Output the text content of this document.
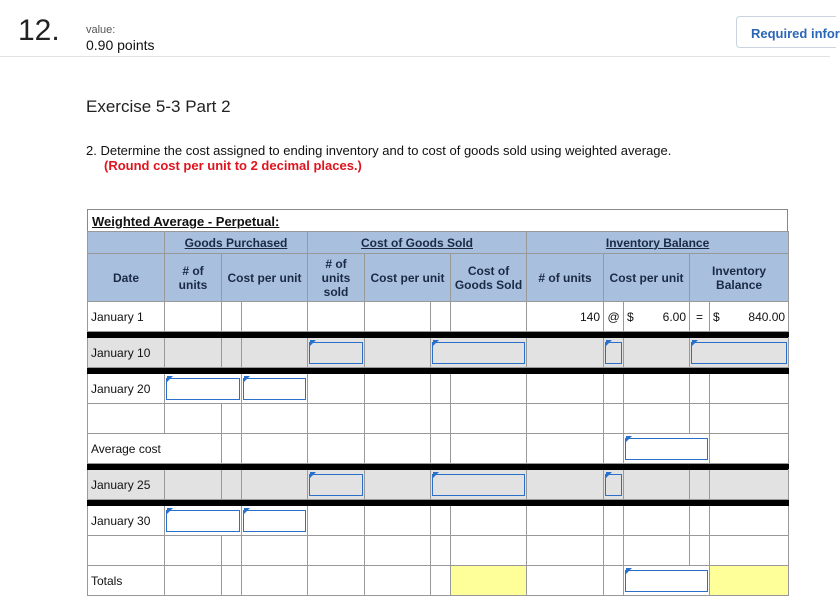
12. value:
0.90 points
Required infor
Exercise 5-3 Part 2
2. Determine the cost assigned to ending inventory and to cost of goods sold using weighted average.
(Round cost per unit to 2 decimal places.)
Weighted Average - Perpetual:
	Goods Purchased			Cost of Goods Sold				Inventory Balance					
Date	# of units	Cost per unit		# of units sold	Cost per unit		Cost of Goods Sold	# of units	Cost per unit		Inventory Balance		
January 1								140	@	$ 6.00	=	$ 840.00	

January 10											

January 20											

Average cost										

January 25												

January 30											

Totals											
